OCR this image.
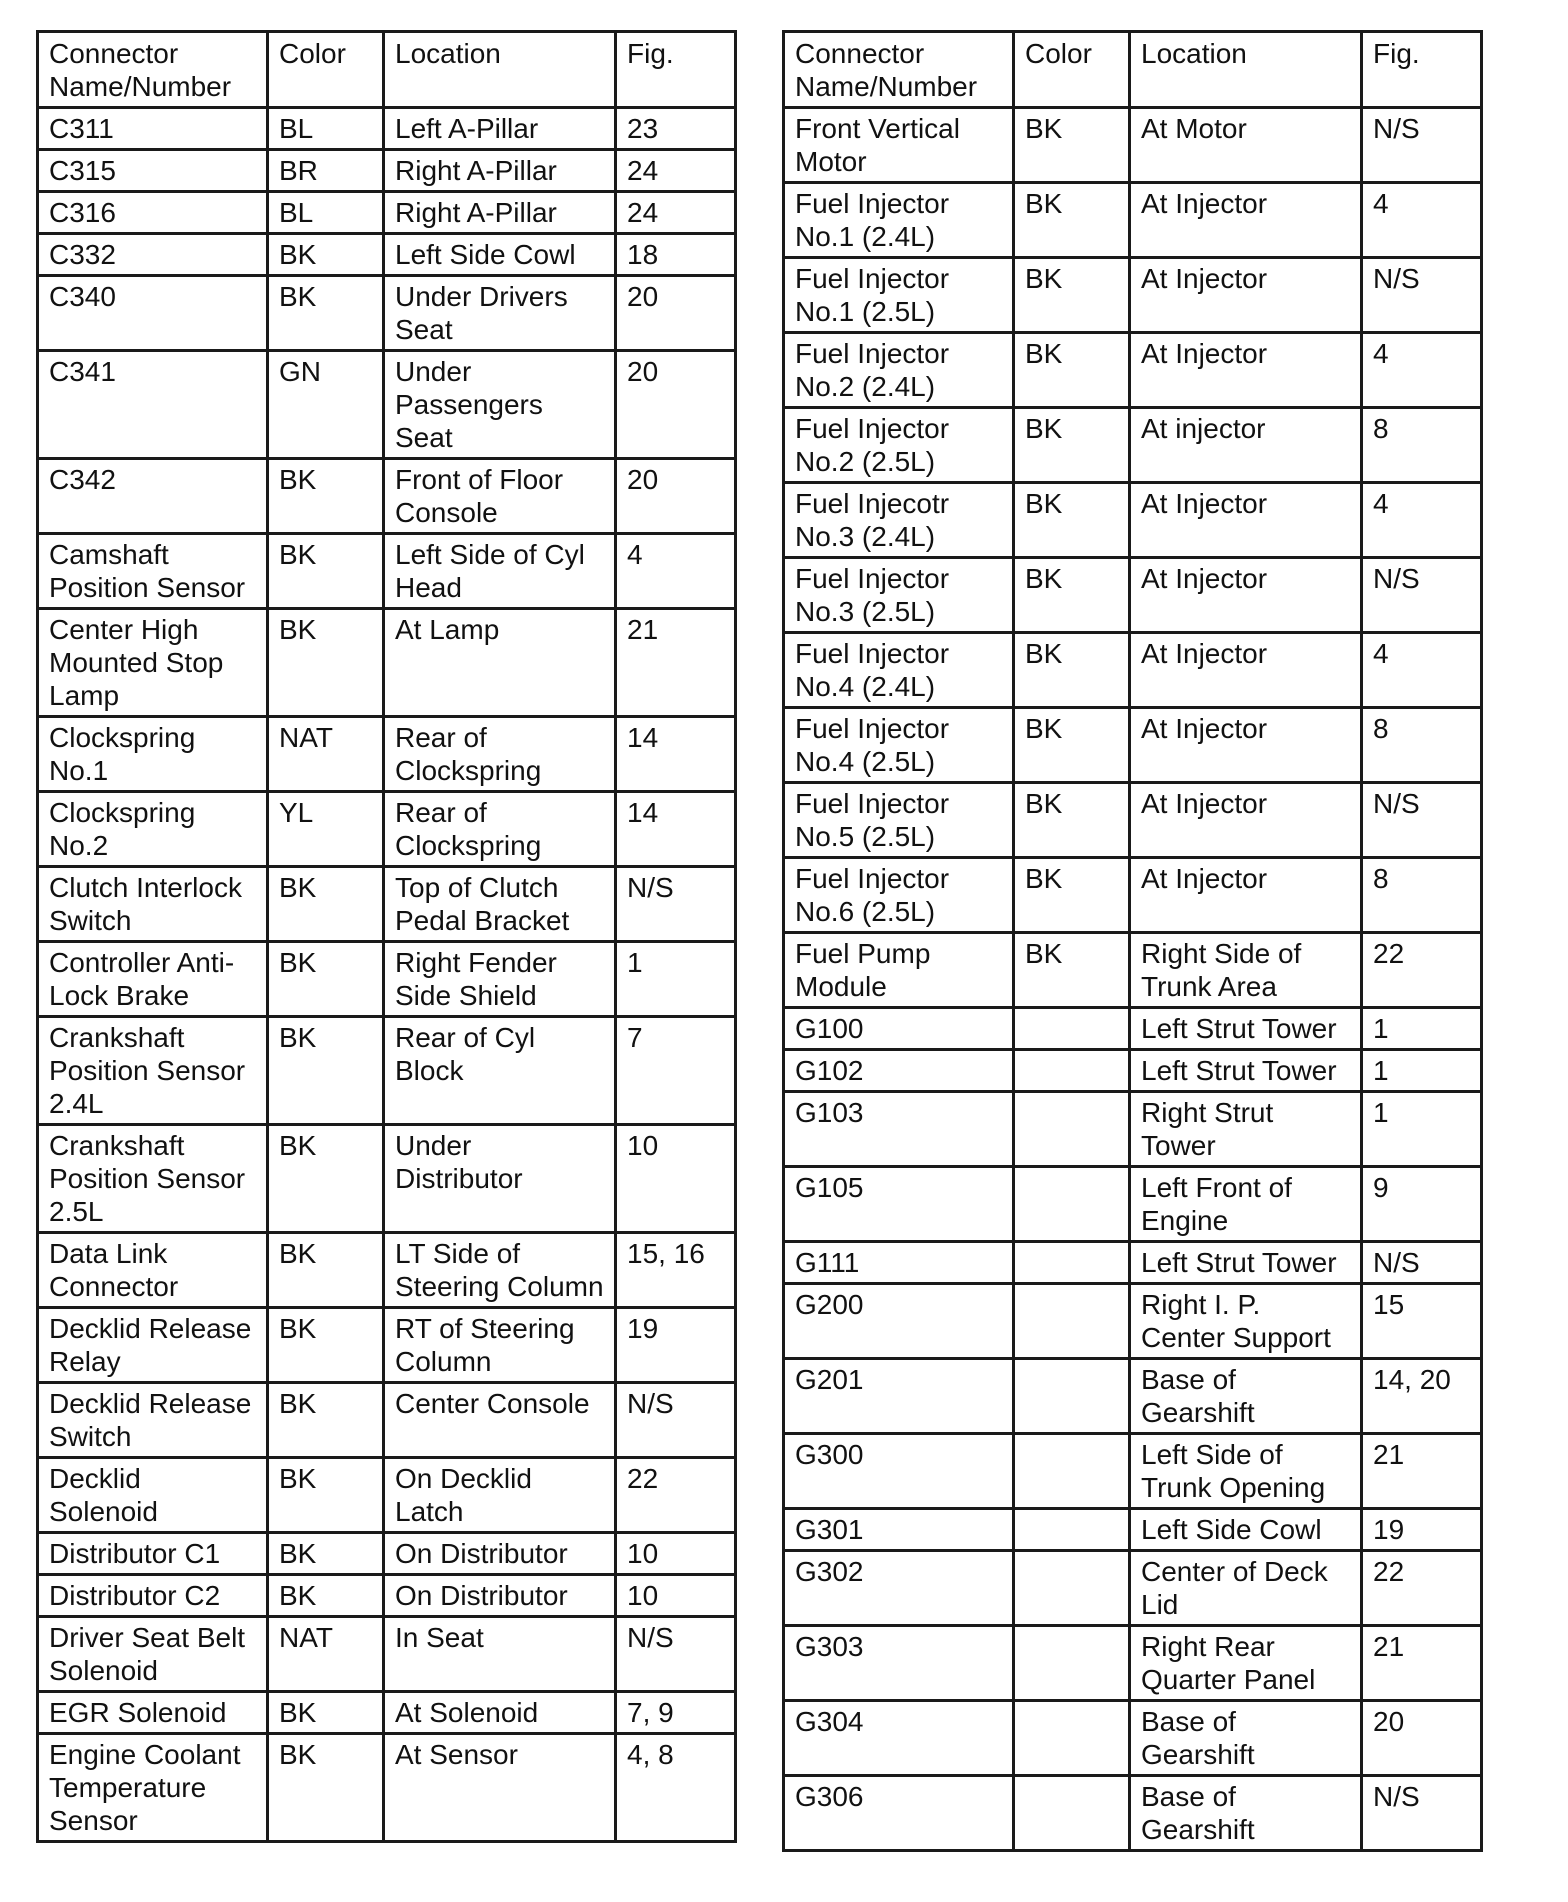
Connector Name/Number	Color	Location	Fig.
C311	BL	Left A-Pillar	23
C315	BR	Right A-Pillar	24
C316	BL	Right A-Pillar	24
C332	BK	Left Side Cowl	18
C340	BK	Under Drivers Seat	20
C341	GN	Under Passengers Seat	20
C342	BK	Front of Floor Console	20
Camshaft Position Sensor	BK	Left Side of Cyl Head	4
Center High Mounted Stop Lamp	BK	At Lamp	21
Clockspring No.1	NAT	Rear of Clockspring	14
Clockspring No.2	YL	Rear of Clockspring	14
Clutch Interlock Switch	BK	Top of Clutch Pedal Bracket	N/S
Controller Anti-Lock Brake	BK	Right Fender Side Shield	1
Crankshaft Position Sensor 2.4L	BK	Rear of Cyl Block	7
Crankshaft Position Sensor 2.5L	BK	Under Distributor	10
Data Link Connector	BK	LT Side of Steering Column	15, 16
Decklid Release Relay	BK	RT of Steering Column	19
Decklid Release Switch	BK	Center Console	N/S
Decklid Solenoid	BK	On Decklid Latch	22
Distributor C1	BK	On Distributor	10
Distributor C2	BK	On Distributor	10
Driver Seat Belt Solenoid	NAT	In Seat	N/S
EGR Solenoid	BK	At Solenoid	7, 9
Engine Coolant Temperature Sensor	BK	At Sensor	4, 8
Connector Name/Number	Color	Location	Fig.
Front Vertical Motor	BK	At Motor	N/S
Fuel Injector No.1 (2.4L)	BK	At Injector	4
Fuel Injector No.1 (2.5L)	BK	At Injector	N/S
Fuel Injector No.2 (2.4L)	BK	At Injector	4
Fuel Injector No.2 (2.5L)	BK	At injector	8
Fuel Injecotr No.3 (2.4L)	BK	At Injector	4
Fuel Injector No.3 (2.5L)	BK	At Injector	N/S
Fuel Injector No.4 (2.4L)	BK	At Injector	4
Fuel Injector No.4 (2.5L)	BK	At Injector	8
Fuel Injector No.5 (2.5L)	BK	At Injector	N/S
Fuel Injector No.6 (2.5L)	BK	At Injector	8
Fuel Pump Module	BK	Right Side of Trunk Area	22
G100		Left Strut Tower	1
G102		Left Strut Tower	1
G103		Right Strut Tower	1
G105		Left Front of Engine	9
G111		Left Strut Tower	N/S
G200		Right I. P. Center Support	15
G201		Base of Gearshift	14, 20
G300		Left Side of Trunk Opening	21
G301		Left Side Cowl	19
G302		Center of Deck Lid	22
G303		Right Rear Quarter Panel	21
G304		Base of Gearshift	20
G306		Base of Gearshift	N/S
